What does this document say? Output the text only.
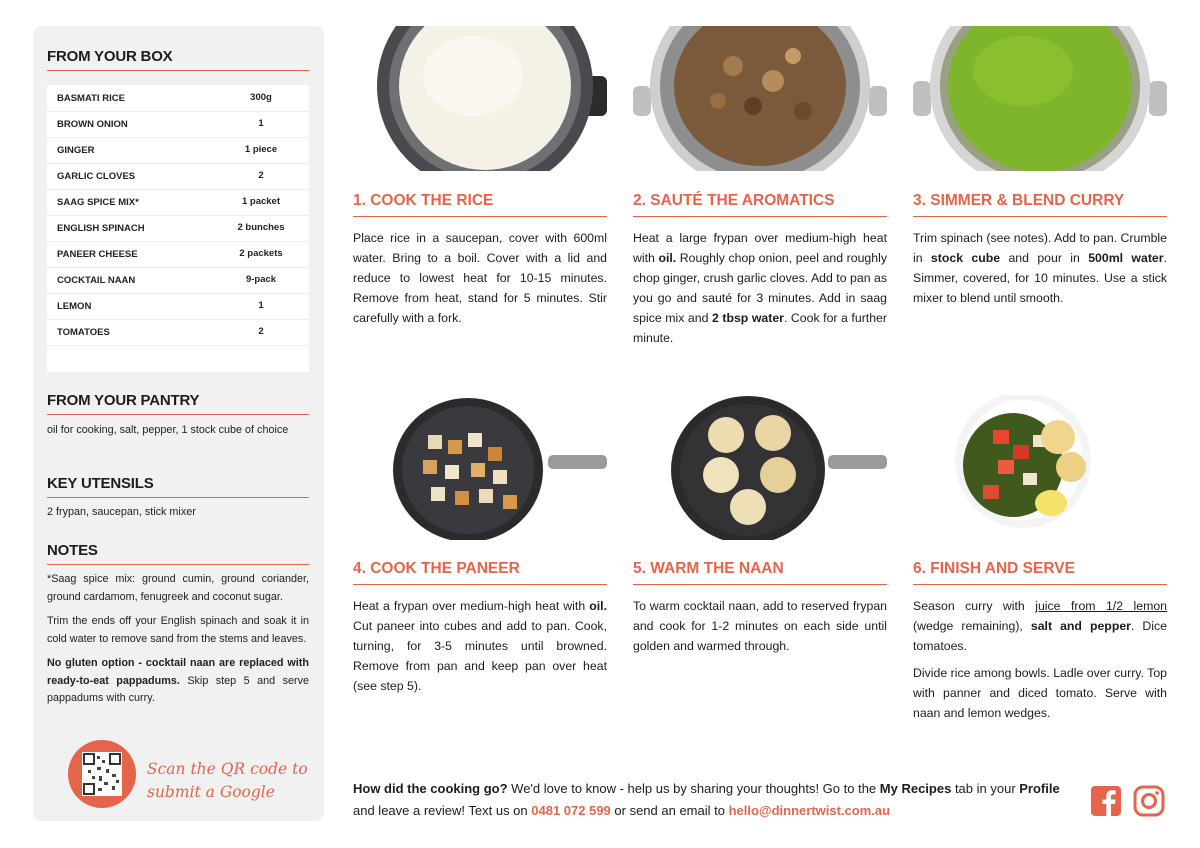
FROM YOUR BOX
BASMATI RICE	300g
BROWN ONION	1
GINGER	1 piece
GARLIC CLOVES	2
SAAG SPICE MIX*	1 packet
ENGLISH SPINACH	2 bunches
PANEER CHEESE	2 packets
COCKTAIL NAAN	9-pack
LEMON	1
TOMATOES	2
FROM YOUR PANTRY
oil for cooking, salt, pepper, 1 stock cube of choice
KEY UTENSILS
2 frypan, saucepan, stick mixer
NOTES

*Saag spice mix: ground cumin, ground coriander, ground cardamom, fenugreek and coconut sugar.

Trim the ends off your English spinach and soak it in cold water to remove sand from the stems and leaves.

No gluten option - cocktail naan are replaced with ready-to-eat pappadums. Skip step 5 and serve pappadums with curry.

Scan the QR code to
submit a Google
1. COOK THE RICE
Place rice in a saucepan, cover with 600ml water. Bring to a boil. Cover with a lid and reduce to lowest heat for 10-15 minutes. Remove from heat, stand for 5 minutes. Stir carefully with a fork.
2. SAUTÉ THE AROMATICS
Heat a large frypan over medium-high heat with oil. Roughly chop onion, peel and roughly chop ginger, crush garlic cloves. Add to pan as you go and sauté for 3 minutes. Add in saag spice mix and 2 tbsp water. Cook for a further minute.
3. SIMMER & BLEND CURRY
Trim spinach (see notes). Add to pan. Crumble in stock cube and pour in 500ml water. Simmer, covered, for 10 minutes. Use a stick mixer to blend until smooth.
4. COOK THE PANEER
Heat a frypan over medium-high heat with oil. Cut paneer into cubes and add to pan. Cook, turning, for 3-5 minutes until browned. Remove from pan and keep pan over heat (see step 5).
5. WARM THE NAAN
To warm cocktail naan, add to reserved frypan and cook for 1-2 minutes on each side until golden and warmed through.
6. FINISH AND SERVE

Season curry with juice from 1/2 lemon (wedge remaining), salt and pepper. Dice tomatoes.

Divide rice among bowls. Ladle over curry. Top with panner and diced tomato. Serve with naan and lemon wedges.

How did the cooking go? We'd love to know - help us by sharing your thoughts! Go to the My Recipes tab in your Profile and leave a review! Text us on 0481 072 599 or send an email to hello@dinnertwist.com.au
